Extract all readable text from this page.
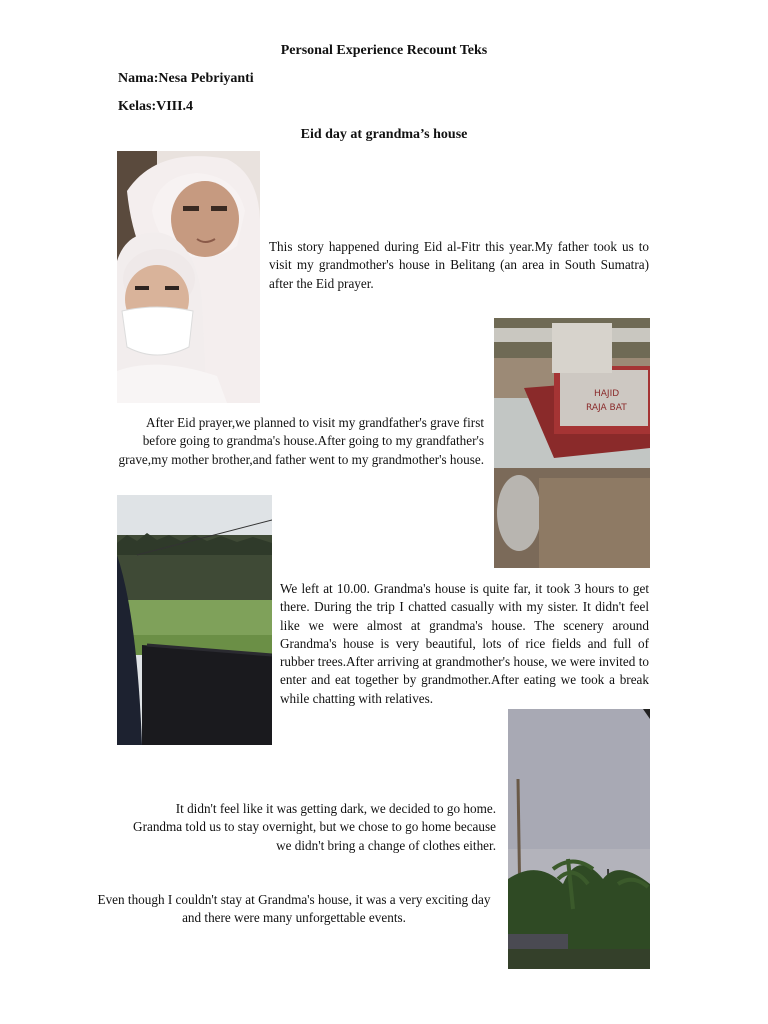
Personal Experience Recount Teks
Nama:Nesa Pebriyanti
Kelas:VIII.4
Eid day at grandma’s house

This story happened during Eid al-Fitr this year.My father took us to visit my grandmother's house in Belitang (an area in South Sumatra) after the Eid prayer.

HAJID
RAJA BAT

After Eid prayer,we planned to visit my grandfather's grave first before going to grandma's house.After going to my grandfather's grave,my mother brother,and father went to my grandmother's house.

We left at 10.00. Grandma's house is quite far, it took 3 hours to get there. During the trip I chatted casually with my sister. It didn't feel like we were almost at grandma's house. The scenery around Grandma's house is very beautiful, lots of rice fields and full of rubber trees.After arriving at grandmother's house, we were invited to enter and eat together by grandmother.After eating we took a break while chatting with relatives.

It didn't feel like it was getting dark, we decided to go home. Grandma told us to stay overnight, but we chose to go home because we didn't bring a change of clothes either.

Even though I couldn't stay at Grandma's house, it was a very exciting day and there were many unforgettable events.
